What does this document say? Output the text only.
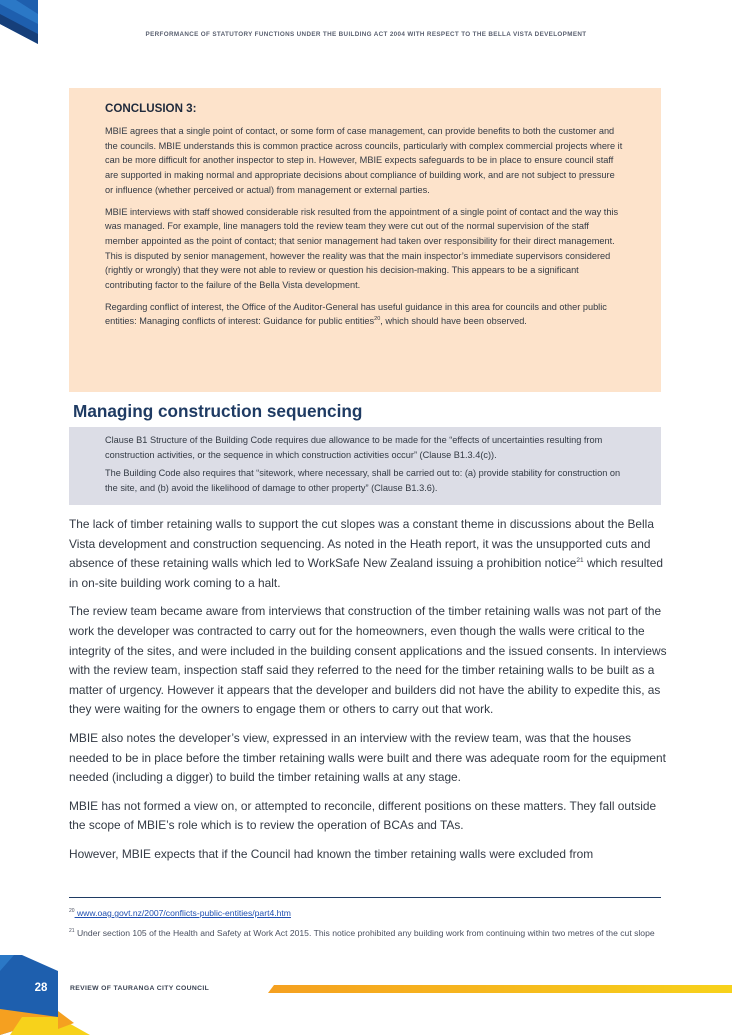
PERFORMANCE OF STATUTORY FUNCTIONS UNDER THE BUILDING ACT 2004 WITH RESPECT TO THE BELLA VISTA DEVELOPMENT

CONCLUSION 3:

MBIE agrees that a single point of contact, or some form of case management, can provide benefits to both the customer and the councils. MBIE understands this is common practice across councils, particularly with complex commercial projects where it can be more difficult for another inspector to step in. However, MBIE expects safeguards to be in place to ensure council staff are supported in making normal and appropriate decisions about compliance of building work, and are not subject to pressure or influence (whether perceived or actual) from management or external parties.

MBIE interviews with staff showed considerable risk resulted from the appointment of a single point of contact and the way this was managed. For example, line managers told the review team they were cut out of the normal supervision of the staff member appointed as the point of contact; that senior management had taken over responsibility for their direct management. This is disputed by senior management, however the reality was that the main inspector’s immediate supervisors considered (rightly or wrongly) that they were not able to review or question his decision-making. This appears to be a significant contributing factor to the failure of the Bella Vista development.

Regarding conflict of interest, the Office of the Auditor-General has useful guidance in this area for councils and other public entities: Managing conflicts of interest: Guidance for public entities$^{20}$, which should have been observed.

Managing construction sequencing

Clause B1 Structure of the Building Code requires due allowance to be made for the “effects of uncertainties resulting from construction activities, or the sequence in which construction activities occur” (Clause B1.3.4(c)).

The Building Code also requires that “sitework, where necessary, shall be carried out to: (a) provide stability for construction on the site, and (b) avoid the likelihood of damage to other property” (Clause B1.3.6).

The lack of timber retaining walls to support the cut slopes was a constant theme in discussions about the Bella Vista development and construction sequencing. As noted in the Heath report, it was the unsupported cuts and absence of these retaining walls which led to WorkSafe New Zealand issuing a prohibition notice$^{21}$ which resulted in on-site building work coming to a halt.

The review team became aware from interviews that construction of the timber retaining walls was not part of the work the developer was contracted to carry out for the homeowners, even though the walls were critical to the integrity of the sites, and were included in the building consent applications and the issued consents. In interviews with the review team, inspection staff said they referred to the need for the timber retaining walls to be built as a matter of urgency. However it appears that the developer and builders did not have the ability to expedite this, as they were waiting for the owners to engage them or others to carry out that work.

MBIE also notes the developer’s view, expressed in an interview with the review team, was that the houses needed to be in place before the timber retaining walls were built and there was adequate room for the equipment needed (including a digger) to build the timber retaining walls at any stage.

MBIE has not formed a view on, or attempted to reconcile, different positions on these matters. They fall outside the scope of MBIE’s role which is to review the operation of BCAs and TAs.

However, MBIE expects that if the Council had known the timber retaining walls were excluded from

$^{20}$ www.oag.govt.nz/2007/conflicts-public-entities/part4.htm

$^{21}$ Under section 105 of the Health and Safety at Work Act 2015. This notice prohibited any building work from continuing within two metres of the cut slope

28	REVIEW OF TAURANGA CITY COUNCIL
